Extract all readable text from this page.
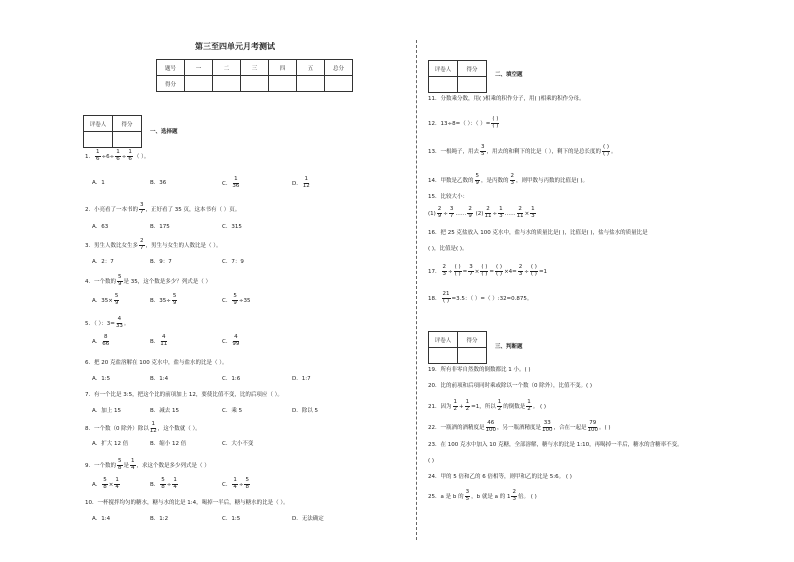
第三至四单元月考测试
题号	一	二	三	四	五	总分
得分						
评卷人	得分

一、选择题
1． $\frac{1}{6} \div 6\div \frac{1}{6} \div \frac{1}{6}$ （ ）。
A．1	B．36	C． $\frac{1}{36}$	D． $\frac{1}{12}$
2．小亮看了一本书的 $\frac{3}{7}$ ，正好看了 35 页，这本书有（ ）页。
A．63	B．175	C．315
3．男生人数比女生多 $\frac{2}{7}$ ，男生与女生的人数比是（ ）。
A．2：7	B．9：7	C．7：9
4．一个数的 $\frac{5}{9}$ 是 35，这个数是多少？列式是（ ）
A．$35\times \frac{5}{9}$	B．$35\div \frac{5}{9}$	C． $\frac{5}{9} \div 35$
5．（ ）：$3= \frac{4}{33}$ 。
A． $\frac{8}{66}$	B． $\frac{4}{11}$	C． $\frac{4}{99}$
6．把 20 克盐溶解在 100 克水中，盐与盐水的比是（ ）。
A．1:5	B．1:4	C．1:6	D．1:7
7．有一个比是 3:5，把这个比的前项加上 12，要使比值不变，比的后项应（ ）。
A．加上 15	B．减去 15	C．乘 5	D．除以 5
8．一个数（0 除外）除以 $\frac{1}{12}$ ，这个数就（ ）。
A．扩大 12 倍	B．缩小 12 倍	C．大小不变
9．一个数的 $\frac{5}{8}$ 是 $\frac{1}{4}$ ，求这个数是多少列式是（ ）
A． $\frac{5}{8} \times \frac{1}{4}$	B． $\frac{5}{8} \div \frac{1}{4}$	C． $\frac{1}{4} \div \frac{5}{8}$
10．一杯搅拌均匀的糖水，糖与水的比是 1:4，喝掉一半后，糖与糖水的比是（ ）。
A．1:4	B．1:2	C．1:5	D．无法确定
评卷人	得分

二、填空题
11．分数乘分数，用( )相乘的积作分子，用( )相乘的积作分母。
12．13÷8=（ ）：（ ）=
( )
( )
13．一根绳子，用去 $\frac{3}{5}$ ，用去的和剩下的比是（ ），剩下的是总长度的
( )
( ) 。
14．甲数是乙数的 $\frac{5}{9}$ ，是丙数的 $\frac{2}{3}$ ，则甲数与丙数的比值是( )。
15．比较大小：
$(1) \frac{2}{9} \div \frac{3}{7}$ …… $\frac{2}{9} (2) \frac{2}{11} \div \frac{1}{3}$ …… $\frac{2}{11} \times \frac{1}{3}$
16．把 25 克盐放入 100 克水中，盐与水的质量比是( )，比值是( )，盐与盐水的质量比是
( )，比值是( )。
17． $\frac{2}{3}$ ÷
( )
( ) = $\frac{3}{7}$ ×
( )
( ) =
( )
( ) $\times 4= \frac{2}{3}$ ÷
( )
( ) =1
18．
21
( ) =3.5：（ ）=（ ）:32=0.875。
评卷人	得分

三、判断题
19．所有非零自然数的倒数都比 1 小。( )
20．比的前项和后项同时乘或除以一个数（0 除外），比值不变。( )
21．因为 $\frac{1}{2} + \frac{1}{2} =1$，所以 $\frac{1}{2}$ 的倒数是 $\frac{1}{2}$ 。 ( )
22．一瓶酒的酒精度是 $\frac{46}{100}$ ，另一瓶酒精度是 $\frac{33}{100}$ ，合在一起是 $\frac{79}{100}$ 。( )
23．在 100 克水中加入 10 克糖，全部溶解，糖与水的比是 1:10，再喝掉一半后，糖水的含糖率不变。
( )
24．甲的 5 倍和乙的 6 倍相等，则甲和乙的比是 5:6。 ( )
25．a 是 b 的 $\frac{3}{5}$ ，b 就是 a 的 $1 \frac{2}{3}$ 倍。 ( )
